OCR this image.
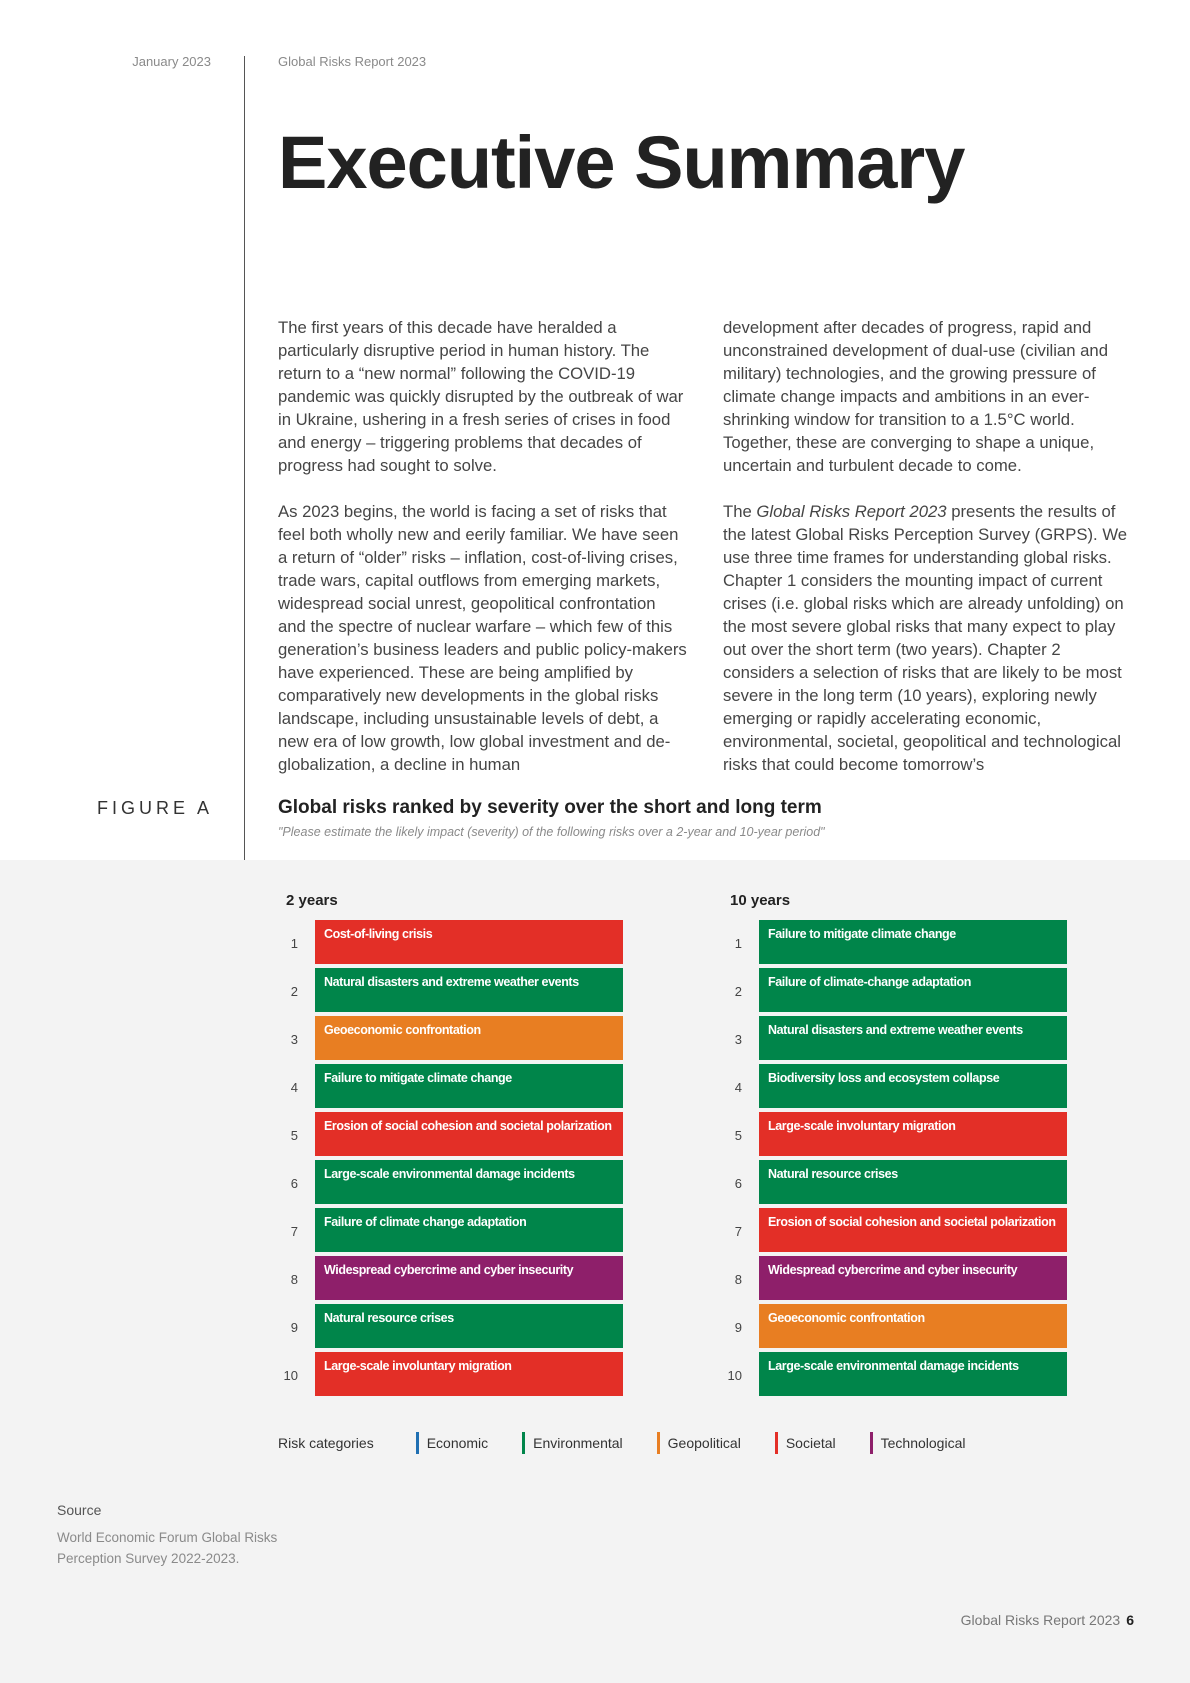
January 2023	Global Risks Report 2023
Executive Summary

The first years of this decade have heralded a particularly disruptive period in human history. The return to a “new normal” following the COVID-19 pandemic was quickly disrupted by the outbreak of war in Ukraine, ushering in a fresh series of crises in food and energy – triggering problems that decades of progress had sought to solve.

As 2023 begins, the world is facing a set of risks that feel both wholly new and eerily familiar. We have seen a return of “older” risks – inflation, cost-of-living crises, trade wars, capital outflows from emerging markets, widespread social unrest, geopolitical confrontation and the spectre of nuclear warfare – which few of this generation’s business leaders and public policy-makers have experienced. These are being amplified by comparatively new developments in the global risks landscape, including unsustainable levels of debt, a new era of low growth, low global investment and de-globalization, a decline in human

development after decades of progress, rapid and unconstrained development of dual-use (civilian and military) technologies, and the growing pressure of climate change impacts and ambitions in an ever-shrinking window for transition to a 1.5°C world. Together, these are converging to shape a unique, uncertain and turbulent decade to come.

The Global Risks Report 2023 presents the results of the latest Global Risks Perception Survey (GRPS). We use three time frames for understanding global risks. Chapter 1 considers the mounting impact of current crises (i.e. global risks which are already unfolding) on the most severe global risks that many expect to play out over the short term (two years). Chapter 2 considers a selection of risks that are likely to be most severe in the long term (10 years), exploring newly emerging or rapidly accelerating economic, environmental, societal, geopolitical and technological risks that could become tomorrow’s

FIGURE A	Global risks ranked by severity over the short and long term
"Please estimate the likely impact (severity) of the following risks over a 2-year and 10-year period"
2 years
1
Cost-of-living crisis
2
Natural disasters and extreme weather events
3
Geoeconomic confrontation
4
Failure to mitigate climate change
5
Erosion of social cohesion and societal polarization
6
Large-scale environmental damage incidents
7
Failure of climate change adaptation
8
Widespread cybercrime and cyber insecurity
9
Natural resource crises
10
Large-scale involuntary migration
10 years
1
Failure to mitigate climate change
2
Failure of climate-change adaptation
3
Natural disasters and extreme weather events
4
Biodiversity loss and ecosystem collapse
5
Large-scale involuntary migration
6
Natural resource crises
7
Erosion of social cohesion and societal polarization
8
Widespread cybercrime and cyber insecurity
9
Geoeconomic confrontation
10
Large-scale environmental damage incidents
Risk categories	Economic	Environmental	Geopolitical	Societal	Technological
Source
World Economic Forum Global Risks Perception Survey 2022-2023.
Global Risks Report 2023 6
